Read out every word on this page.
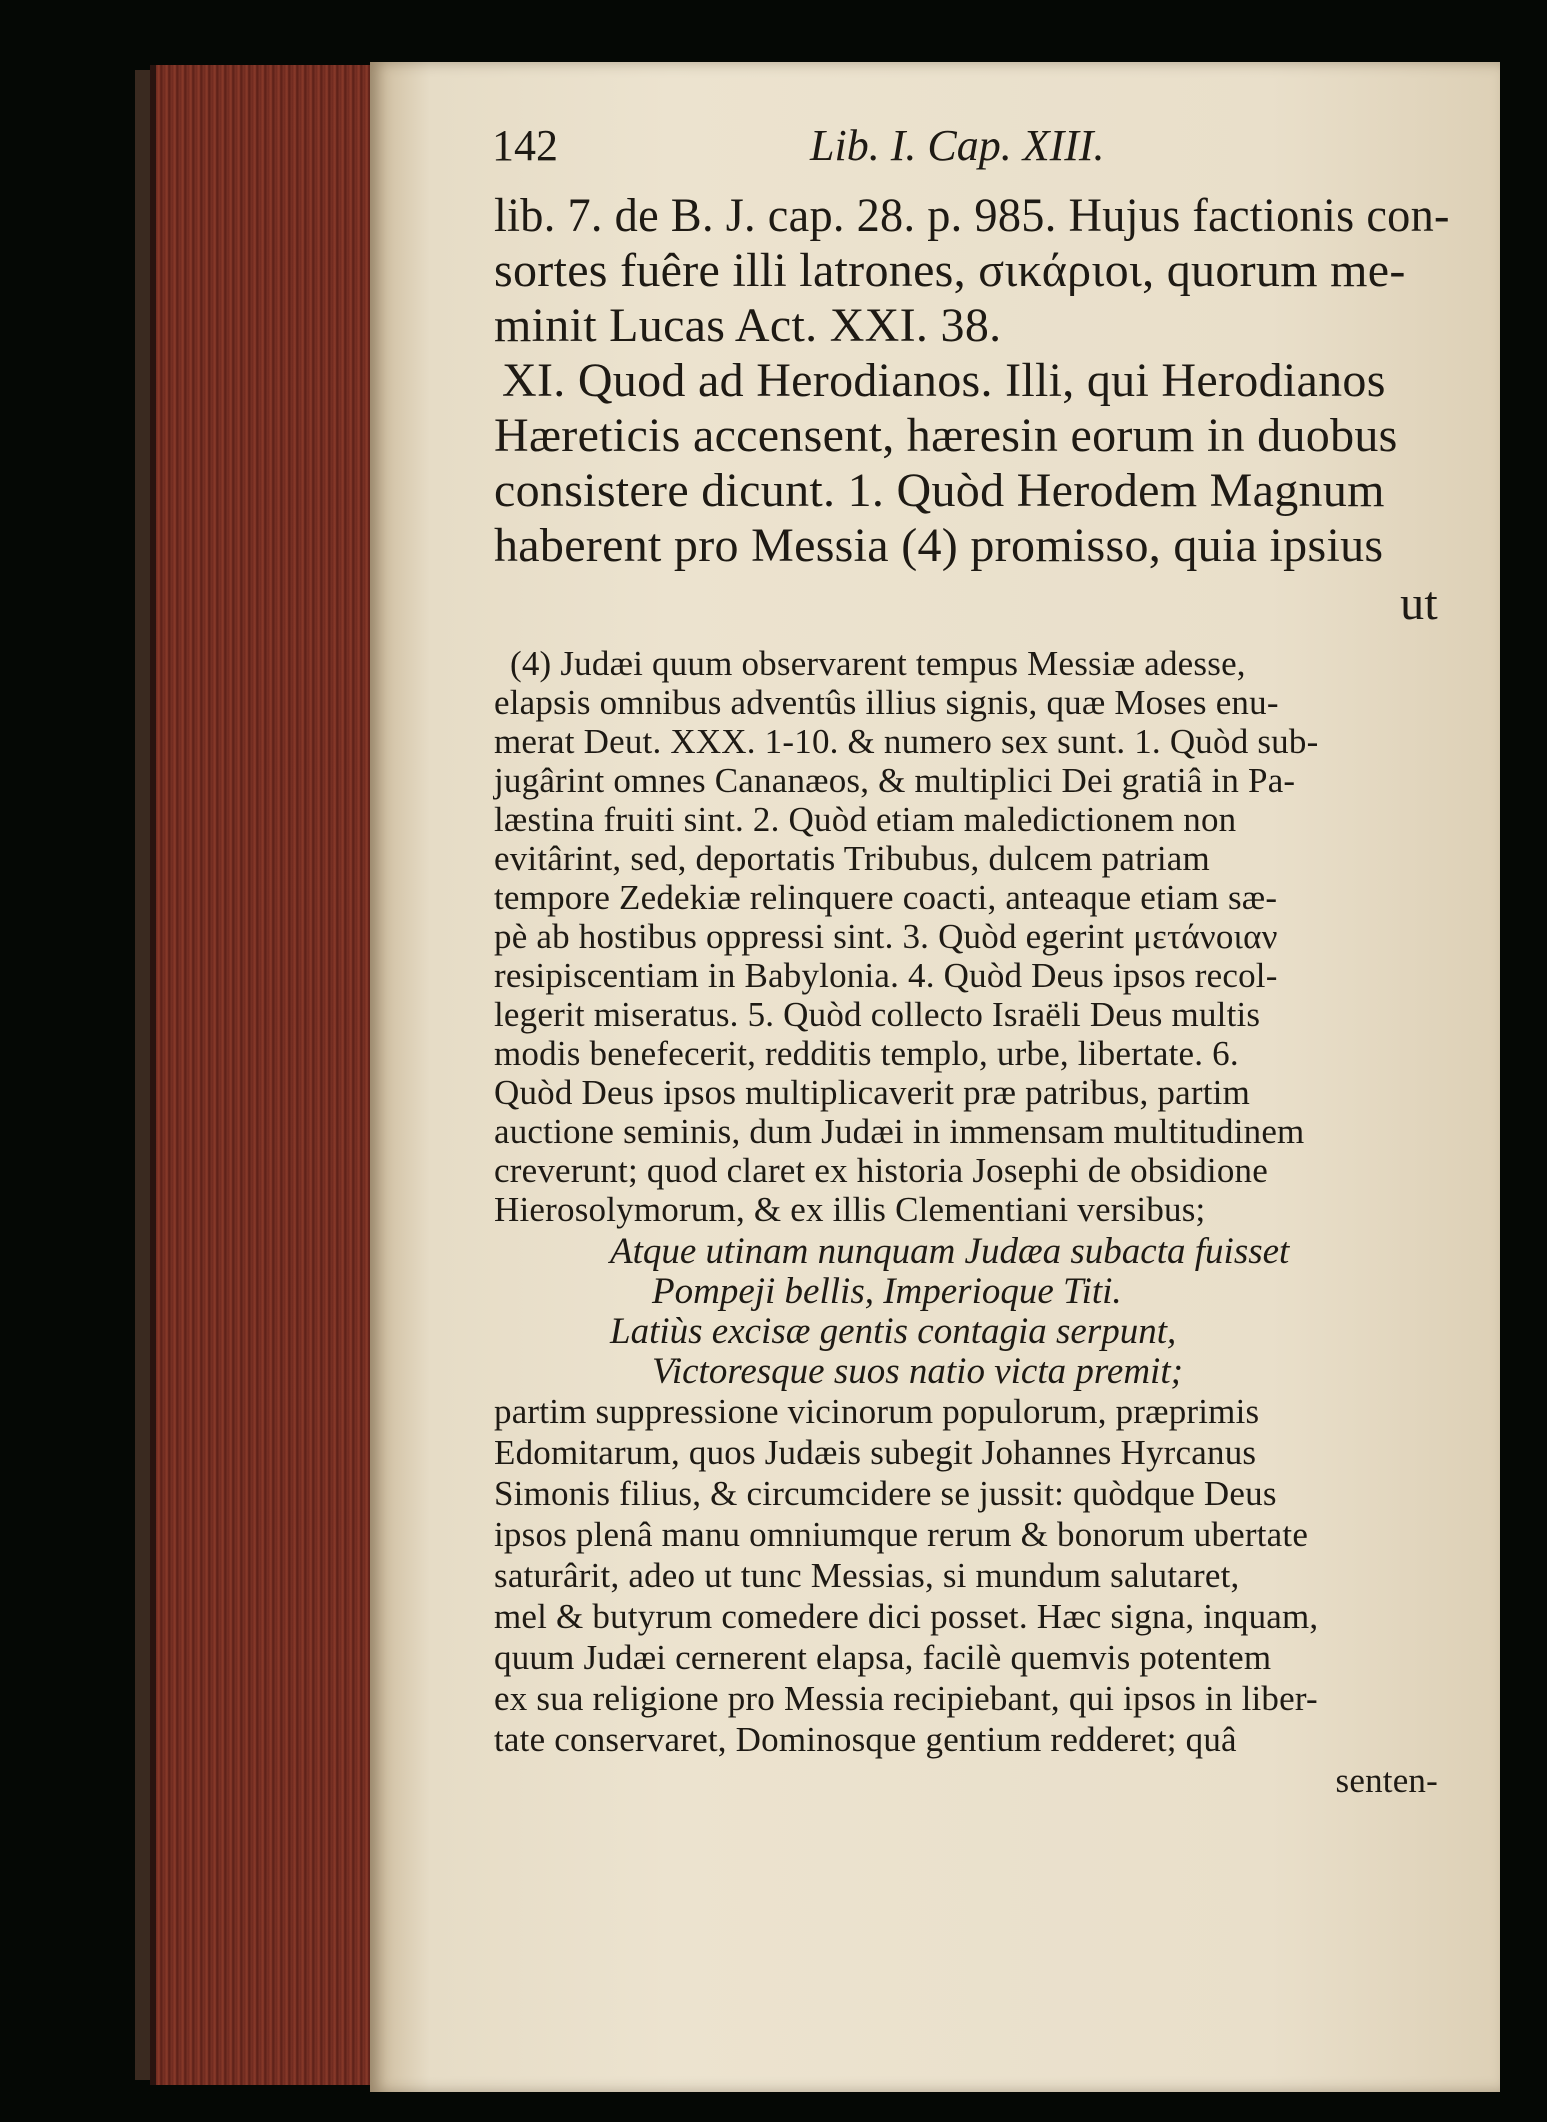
142	Lib. I. Cap. XIII.
lib. 7. de B. J. cap. 28. p. 985. Hujus factionis con-
sortes fuêre illi latrones, σικάριοι, quorum me-
minit Lucas Act. XXI. 38.
XI. Quod ad Herodianos. Illi, qui Herodianos
Hæreticis accensent, hæresin eorum in duobus
consistere dicunt. 1. Quòd Herodem Magnum
haberent pro Messia (4) promisso, quia ipsius
ut
(4) Judæi quum observarent tempus Messiæ adesse,
elapsis omnibus adventûs illius signis, quæ Moses enu-
merat Deut. XXX. 1-10. & numero sex sunt. 1. Quòd sub-
jugârint omnes Cananæos, & multiplici Dei gratiâ in Pa-
læstina fruiti sint. 2. Quòd etiam maledictionem non
evitârint, sed, deportatis Tribubus, dulcem patriam
tempore Zedekiæ relinquere coacti, anteaque etiam sæ-
pè ab hostibus oppressi sint. 3. Quòd egerint μετάνοιαν
resipiscentiam in Babylonia. 4. Quòd Deus ipsos recol-
legerit miseratus. 5. Quòd collecto Israëli Deus multis
modis benefecerit, redditis templo, urbe, libertate. 6.
Quòd Deus ipsos multiplicaverit præ patribus, partim
auctione seminis, dum Judæi in immensam multitudinem
creverunt; quod claret ex historia Josephi de obsidione
Hierosolymorum, & ex illis Clementiani versibus;
Atque utinam nunquam Judæa subacta fuisset
Pompeji bellis, Imperioque Titi.
Latiùs excisæ gentis contagia serpunt,
Victoresque suos natio victa premit;
partim suppressione vicinorum populorum, præprimis
Edomitarum, quos Judæis subegit Johannes Hyrcanus
Simonis filius, & circumcidere se jussit: quòdque Deus
ipsos plenâ manu omniumque rerum & bonorum ubertate
saturârit, adeo ut tunc Messias, si mundum salutaret,
mel & butyrum comedere dici posset. Hæc signa, inquam,
quum Judæi cernerent elapsa, facilè quemvis potentem
ex sua religione pro Messia recipiebant, qui ipsos in liber-
tate conservaret, Dominosque gentium redderet; quâ
senten-
